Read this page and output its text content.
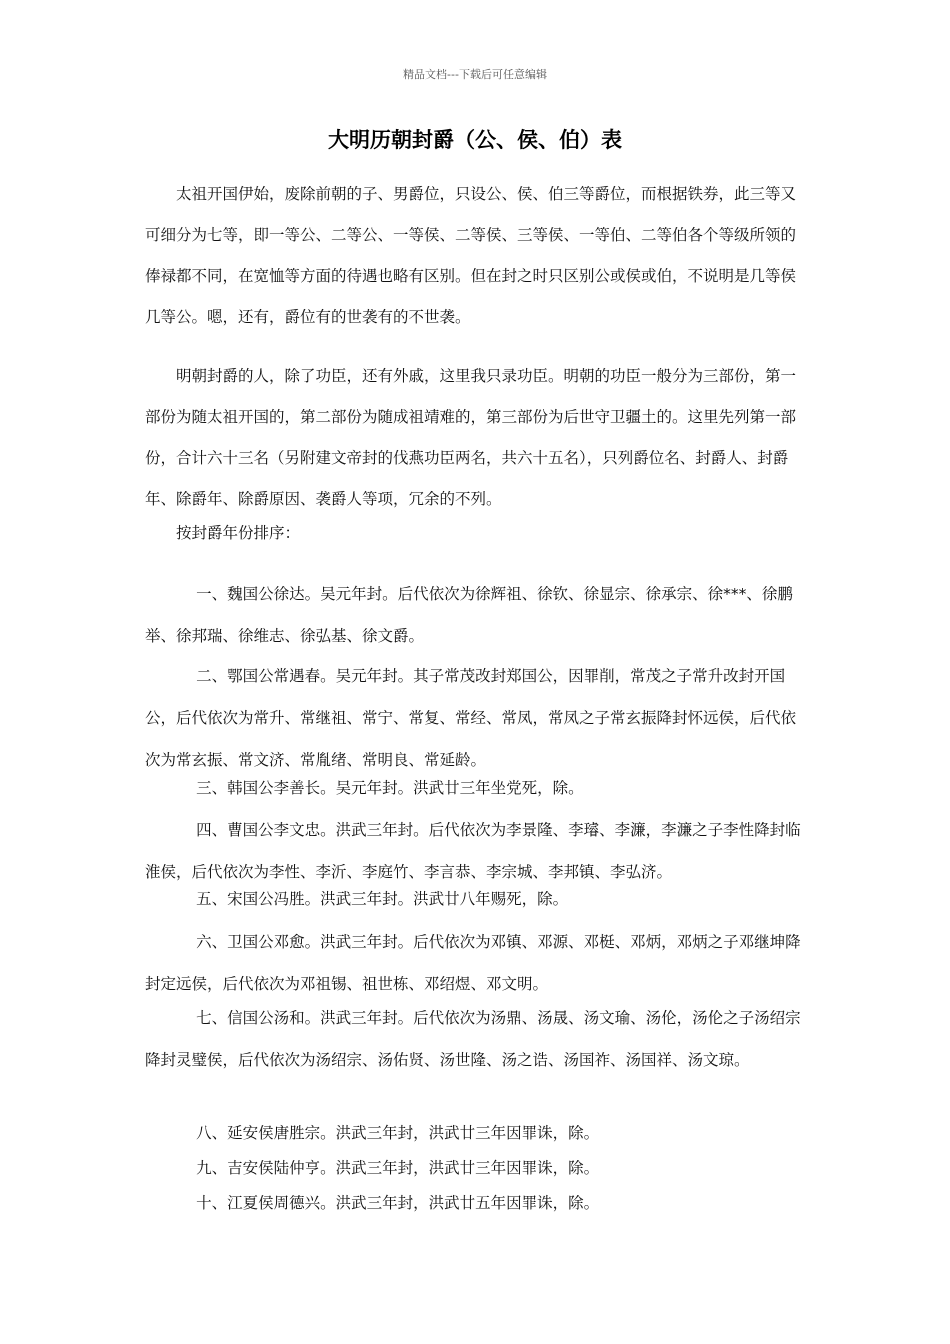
精品文档---下载后可任意编辑
大明历朝封爵（公、侯、伯）表

太祖开国伊始，废除前朝的子、男爵位，只设公、侯、伯三等爵位，而根据铁券，此三等又可细分为七等，即一等公、二等公、一等侯、二等侯、三等侯、一等伯、二等伯各个等级所领的俸禄都不同，在宽恤等方面的待遇也略有区别。但在封之时只区别公或侯或伯，不说明是几等侯几等公。嗯，还有，爵位有的世袭有的不世袭。

明朝封爵的人，除了功臣，还有外戚，这里我只录功臣。明朝的功臣一般分为三部份，第一部份为随太祖开国的，第二部份为随成祖靖难的，第三部份为后世守卫疆土的。这里先列第一部份，合计六十三名（另附建文帝封的伐燕功臣两名，共六十五名），只列爵位名、封爵人、封爵年、除爵年、除爵原因、袭爵人等项，冗余的不列。

按封爵年份排序：

一、魏国公徐达。吴元年封。后代依次为徐辉祖、徐钦、徐显宗、徐承宗、徐***、徐鹏举、徐邦瑞、徐维志、徐弘基、徐文爵。

二、鄂国公常遇春。吴元年封。其子常茂改封郑国公，因罪削，常茂之子常升改封开国公，后代依次为常升、常继祖、常宁、常复、常经、常凤，常凤之子常玄振降封怀远侯，后代依次为常玄振、常文济、常胤绪、常明良、常延龄。

三、韩国公李善长。吴元年封。洪武廿三年坐党死，除。

四、曹国公李文忠。洪武三年封。后代依次为李景隆、李璿、李濂，李濂之子李性降封临淮侯，后代依次为李性、李沂、李庭竹、李言恭、李宗城、李邦镇、李弘济。

五、宋国公冯胜。洪武三年封。洪武廿八年赐死，除。

六、卫国公邓愈。洪武三年封。后代依次为邓镇、邓源、邓梃、邓炳，邓炳之子邓继坤降封定远侯，后代依次为邓祖锡、祖世栋、邓绍煜、邓文明。

七、信国公汤和。洪武三年封。后代依次为汤鼎、汤晟、汤文瑜、汤伦，汤伦之子汤绍宗降封灵璧侯，后代依次为汤绍宗、汤佑贤、汤世隆、汤之诰、汤国祚、汤国祥、汤文琼。

八、延安侯唐胜宗。洪武三年封，洪武廿三年因罪诛，除。

九、吉安侯陆仲亨。洪武三年封，洪武廿三年因罪诛，除。

十、江夏侯周德兴。洪武三年封，洪武廿五年因罪诛，除。
